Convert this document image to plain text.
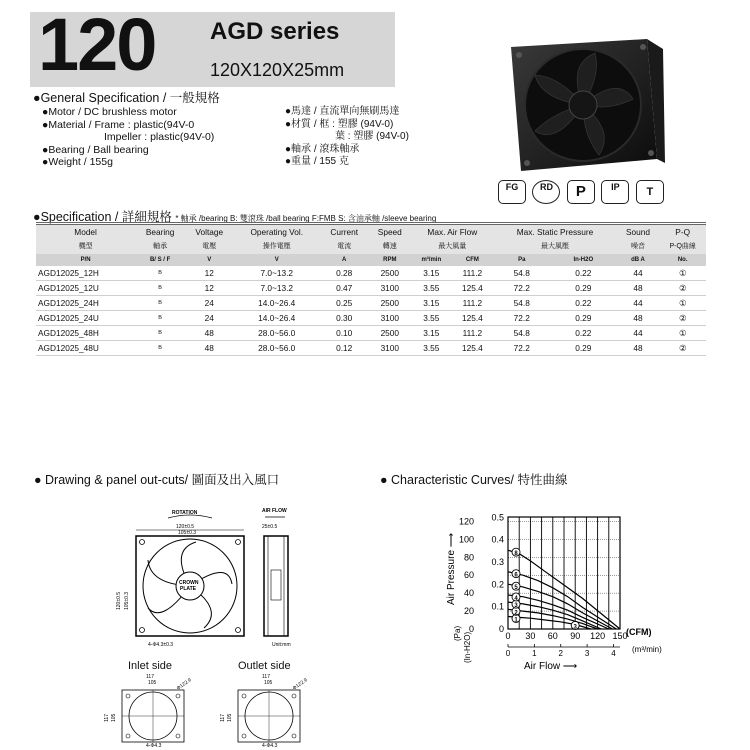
120 AGD series
120X120X25mm
●General Specification / 一般規格
●Motor / DC brushless motor
●Material / Frame : plastic(94V-0
Impeller : plastic(94V-0)
●Bearing / Ball bearing
●Weight / 155g
●馬達 / 直流單向無刷馬達
●材質 / 框 : 塑膠 (94V-0)
葉 : 塑膠 (94V-0)
●軸承 / 滾珠軸承
●重量 / 155 克
FG RD P	IP T
●Specification / 詳細規格 * 軸承 /bearing B: 雙滾珠 /ball bearing F:FMB S: 含油承軸 /sleeve bearing
Model	Bearing	Voltage	Operating Vol.	Current	Speed	Max. Air Flow		Max. Static Pressure		Sound	P-Q
機型	軸承	電壓	操作電壓	電流	轉速	最大風量		最大風壓		噪音	P-Q曲線
P/N	B/ S / F	V	V	A	RPM	m³/min	CFM	Pa	In-H2O	dB A	No.
AGD12025_12H	B	12	7.0~13.2	0.28	2500	3.15	111.2	54.8	0.22	44	①
AGD12025_12U	B	12	7.0~13.2	0.47	3100	3.55	125.4	72.2	0.29	48	②
AGD12025_24H	B	24	14.0~26.4	0.25	2500	3.15	111.2	54.8	0.22	44	①
AGD12025_24U	B	24	14.0~26.4	0.30	3100	3.55	125.4	72.2	0.29	48	②
AGD12025_48H	B	48	28.0~56.0	0.10	2500	3.15	111.2	54.8	0.22	44	①
AGD12025_48U	B	48	28.0~56.0	0.12	3100	3.55	125.4	72.2	0.29	48	②
● Drawing & panel out-cuts/ 圖面及出入風口	● Characteristic Curves/ 特性曲線
ROTATION
120±0.5
105±0.3
CROWN
PLATE
120±0.5 105±0.3
4-Φ4.3±0.3
AIR FLOW
25±0.5
Unit:mm
Inlet side	Outlet side
117
105	Φ122.9
117 105
4-Φ4.3
117
105	Φ122.9
117 105
4-Φ4.3
1
2
3
4
5
6
8
3
0
20
40
60
80
100
120
0
0.1
0.2
0.3
0.4
0.5
0 30 60 90 120 150
0	1	2	3	4
(CFM)
(m³/min)
Air Flow ⟶
Air Pressure ⟶
(Pa) (In-H2O)
